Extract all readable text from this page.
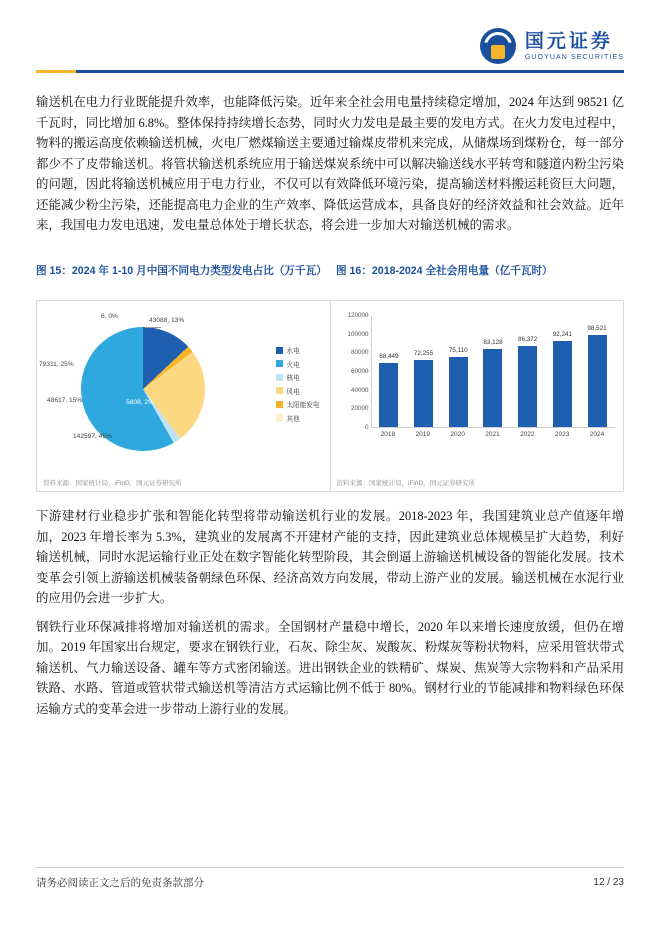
国元证券
GUOYUAN SECURITIES

输送机在电力行业既能提升效率，也能降低污染。近年来全社会用电量持续稳定增加，2024 年达到 98521 亿千瓦时，同比增加 6.8%。整体保持持续增长态势，同时火力发电是最主要的发电方式。在火力发电过程中，物料的搬运高度依赖输送机械，火电厂燃煤输送主要通过输煤皮带机来完成，从储煤场到煤粉仓，每一部分都少不了皮带输送机。将管状输送机系统应用于输送煤炭系统中可以解决输送线水平转弯和隧道内粉尘污染的问题，因此将输送机械应用于电力行业，不仅可以有效降低环境污染，提高输送材料搬运耗资巨大问题，还能减少粉尘污染，还能提高电力企业的生产效率、降低运营成本，具备良好的经济效益和社会效益。近年来，我国电力发电迅速，发电量总体处于增长状态，将会进一步加大对输送机械的需求。

图 15：2024 年 1-10 月中国不同电力类型发电占比（万千瓦） 图 16：2018-2024 全社会用电量（亿千瓦时）
6, 0%
43088, 13%
79311, 25%
48617, 15%
142597, 45%
5808, 2%
水电
火电
核电
风电
太阳能发电
其他
资料来源：国家统计局，iFinD，国元证券研究所
120000
100000
80000
60000
40000
20000
0
68,449 72,255 75,110
83,128 86,372
92,241
98,521
2018	2019	2020	2021	2022	2023	2024
资料来源：国家统计局，iFinD，国元证券研究所

下游建材行业稳步扩张和智能化转型将带动输送机行业的发展。2018-2023 年，我国建筑业总产值逐年增加，2023 年增长率为 5.3%，建筑业的发展离不开建材产能的支持，因此建筑业总体规模呈扩大趋势，利好输送机械，同时水泥运输行业正处在数字智能化转型阶段，其会倒逼上游输送机械设备的智能化发展。技术变革会引领上游输送机械装备朝绿色环保、经济高效方向发展，带动上游产业的发展。输送机械在水泥行业的应用仍会进一步扩大。

钢铁行业环保减排将增加对输送机的需求。全国钢材产量稳中增长，2020 年以来增长速度放缓，但仍在增加。2019 年国家出台规定，要求在钢铁行业，石灰、除尘灰、炭酸灰、粉煤灰等粉状物料，应采用管状带式输送机、气力输送设备、罐车等方式密闭输送。进出钢铁企业的铁精矿、煤炭、焦炭等大宗物料和产品采用铁路、水路、管道或管状带式输送机等清洁方式运输比例不低于 80%。钢材行业的节能减排和物料绿色环保运输方式的变革会进一步带动上游行业的发展。

请务必阅读正文之后的免责条款部分	12 / 23
